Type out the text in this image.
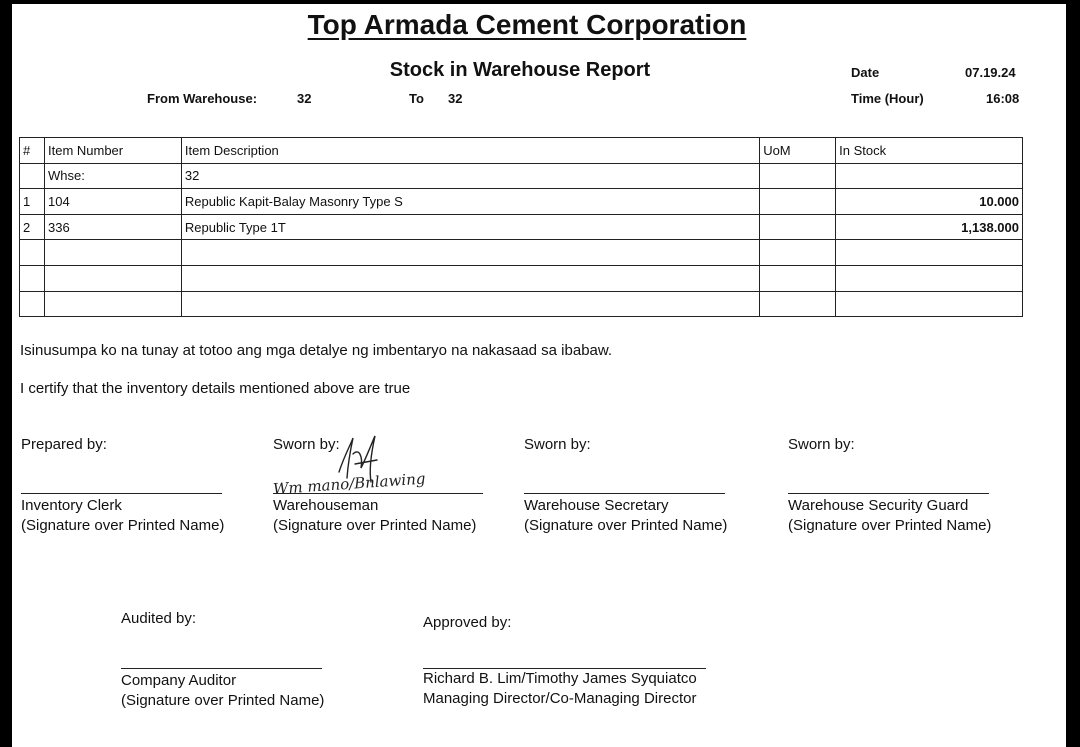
Top Armada Cement Corporation
Stock in Warehouse Report
From Warehouse:	32	To 32
Date	07.19.24
Time (Hour)	16:08
#	Item Number	Item Description	UoM	In Stock
	Whse:	32		
1	104	Republic Kapit-Balay Masonry Type S		10.000
2	336	Republic Type 1T		1,138.000

Isinusumpa ko na tunay at totoo ang mga detalye ng imbentaryo na nakasaad sa ibabaw.
I certify that the inventory details mentioned above are true
Prepared by:
Inventory Clerk
(Signature over Printed Name)
Sworn by:
Wm mano/Bnlawing
Warehouseman
(Signature over Printed Name)
Sworn by:
Warehouse Secretary
(Signature over Printed Name)
Sworn by:
Warehouse Security Guard
(Signature over Printed Name)
Audited by:
Company Auditor
(Signature over Printed Name)
Approved by:
Richard B. Lim/Timothy James Syquiatco
Managing Director/Co-Managing Director
